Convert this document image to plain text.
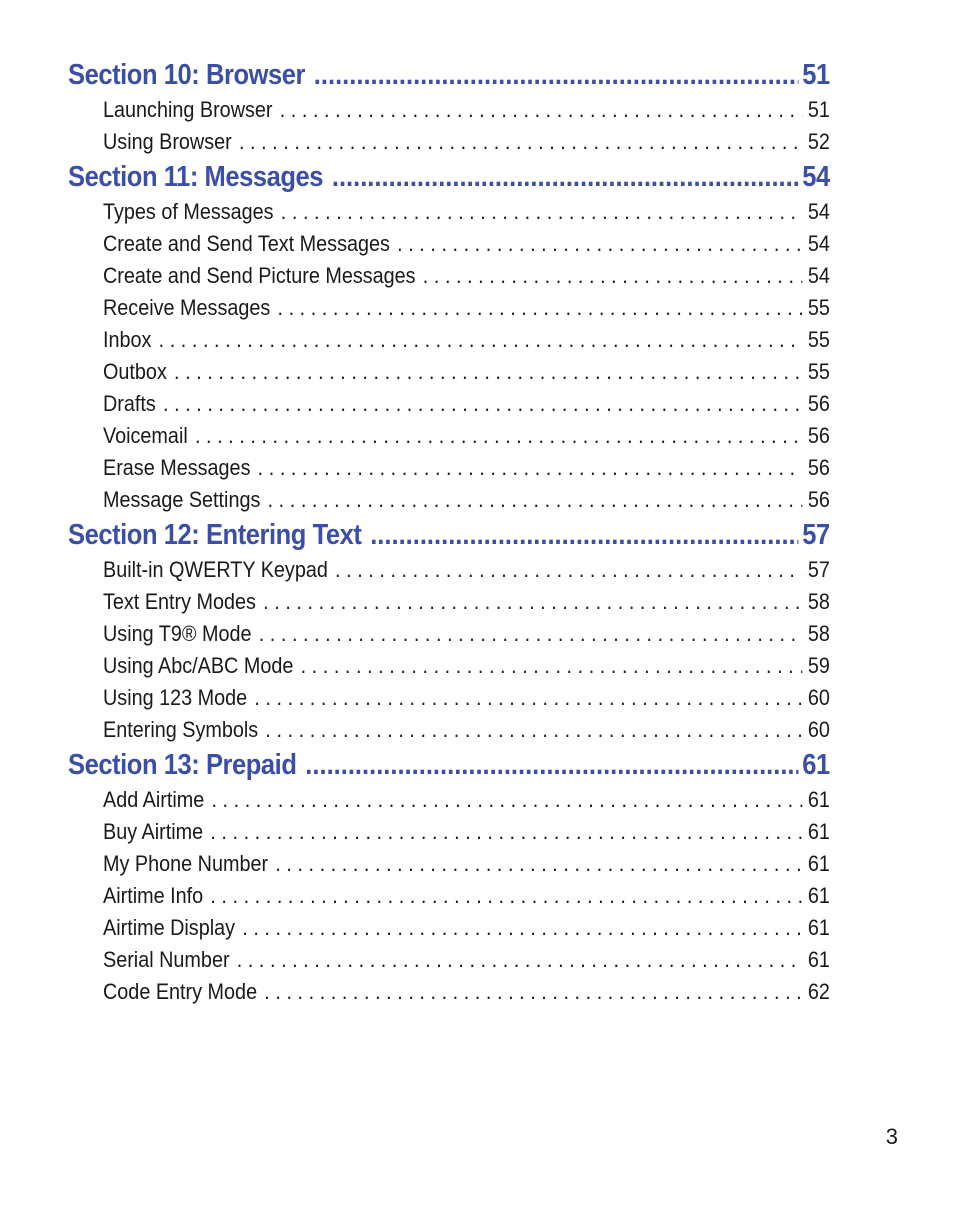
Section 10: Browser .....	51
Launching Browser .....	51
Using Browser .....	52
Section 11: Messages .....	54
Types of Messages .....	54
Create and Send Text Messages .....	54
Create and Send Picture Messages .....	54
Receive Messages .....	55
Inbox .....	55
Outbox .....	55
Drafts .....	56
Voicemail .....	56
Erase Messages .....	56
Message Settings .....	56
Section 12: Entering Text .....	57
Built-in QWERTY Keypad .....	57
Text Entry Modes .....	58
Using T9® Mode .....	58
Using Abc/ABC Mode .....	59
Using 123 Mode .....	60
Entering Symbols .....	60
Section 13: Prepaid .....	61
Add Airtime .....	61
Buy Airtime .....	61
My Phone Number .....	61
Airtime Info .....	61
Airtime Display .....	61
Serial Number .....	61
Code Entry Mode .....	62
3
